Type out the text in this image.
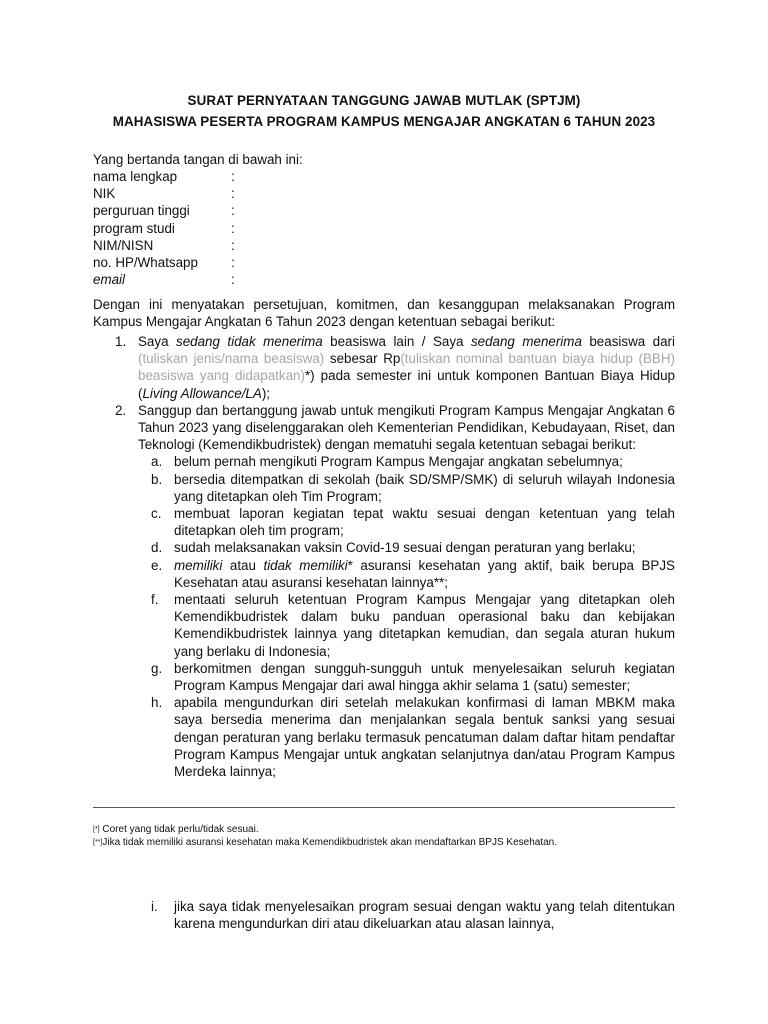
SURAT PERNYATAAN TANGGUNG JAWAB MUTLAK (SPTJM)
MAHASISWA PESERTA PROGRAM KAMPUS MENGAJAR ANGKATAN 6 TAHUN 2023
Yang bertanda tangan di bawah ini:
nama lengkap	:
NIK	:
perguruan tinggi	:
program studi	:
NIM/NISN	:
no. HP/Whatsapp	:
email	:
Dengan ini menyatakan persetujuan, komitmen, dan kesanggupan melaksanakan Program Kampus Mengajar Angkatan 6 Tahun 2023 dengan ketentuan sebagai berikut:
1. Saya sedang tidak menerima beasiswa lain / Saya sedang menerima beasiswa dari (tuliskan jenis/nama beasiswa) sebesar Rp(tuliskan nominal bantuan biaya hidup (BBH) beasiswa yang didapatkan)*) pada semester ini untuk komponen Bantuan Biaya Hidup (Living Allowance/LA);
2. Sanggup dan bertanggung jawab untuk mengikuti Program Kampus Mengajar Angkatan 6 Tahun 2023 yang diselenggarakan oleh Kementerian Pendidikan, Kebudayaan, Riset, dan Teknologi (Kemendikbudristek) dengan mematuhi segala ketentuan sebagai berikut:
a. belum pernah mengikuti Program Kampus Mengajar angkatan sebelumnya;
b. bersedia ditempatkan di sekolah (baik SD/SMP/SMK) di seluruh wilayah Indonesia yang ditetapkan oleh Tim Program;
c. membuat laporan kegiatan tepat waktu sesuai dengan ketentuan yang telah ditetapkan oleh tim program;
d. sudah melaksanakan vaksin Covid-19 sesuai dengan peraturan yang berlaku;
e. memiliki atau tidak memiliki* asuransi kesehatan yang aktif, baik berupa BPJS Kesehatan atau asuransi kesehatan lainnya**;
f.	mentaati seluruh ketentuan Program Kampus Mengajar yang ditetapkan oleh Kemendikbudristek dalam buku panduan operasional baku dan kebijakan Kemendikbudristek lainnya yang ditetapkan kemudian, dan segala aturan hukum yang berlaku di Indonesia;
g. berkomitmen dengan sungguh-sungguh untuk menyelesaikan seluruh kegiatan Program Kampus Mengajar dari awal hingga akhir selama 1 (satu) semester;
h. apabila mengundurkan diri setelah melakukan konfirmasi di laman MBKM maka saya bersedia menerima dan menjalankan segala bentuk sanksi yang sesuai dengan peraturan yang berlaku termasuk pencatuman dalam daftar hitam pendaftar Program Kampus Mengajar untuk angkatan selanjutnya dan/atau Program Kampus Merdeka lainnya;
[*] Coret yang tidak perlu/tidak sesuai.
[**]Jika tidak memiliki asuransi kesehatan maka Kemendikbudristek akan mendaftarkan BPJS Kesehatan.
i.	jika saya tidak menyelesaikan program sesuai dengan waktu yang telah ditentukan karena mengundurkan diri atau dikeluarkan atau alasan lainnya,
